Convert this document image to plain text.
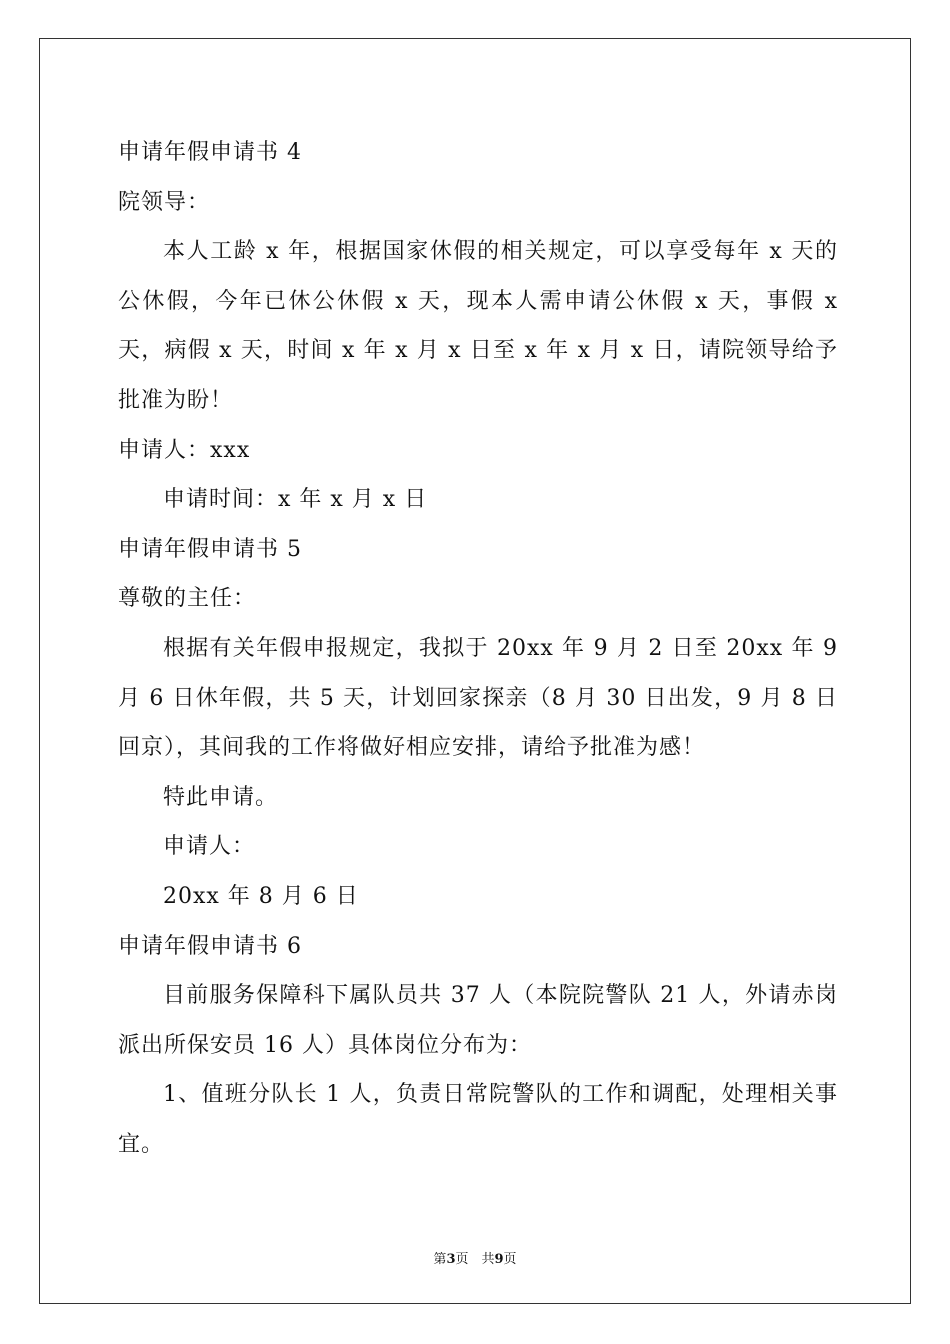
申请年假申请书 4
院领导：
本人工龄 x 年，根据国家休假的相关规定，可以享受每年 x 天的公休假，今年已休公休假 x 天，现本人需申请公休假 x 天，事假 x 天，病假 x 天，时间 x 年 x 月 x 日至 x 年 x 月 x 日，请院领导给予批准为盼！
申请人：xxx
申请时间：x 年 x 月 x 日
申请年假申请书 5
尊敬的主任：
根据有关年假申报规定，我拟于 20xx 年 9 月 2 日至 20xx 年 9 月 6 日休年假，共 5 天，计划回家探亲（8 月 30 日出发，9 月 8 日回京），其间我的工作将做好相应安排，请给予批准为感！
特此申请。
申请人：
20xx 年 8 月 6 日
申请年假申请书 6
目前服务保障科下属队员共 37 人（本院院警队 21 人，外请赤岗派出所保安员 16 人）具体岗位分布为：
1、值班分队长 1 人，负责日常院警队的工作和调配，处理相关事宜。
第3页　共9页
